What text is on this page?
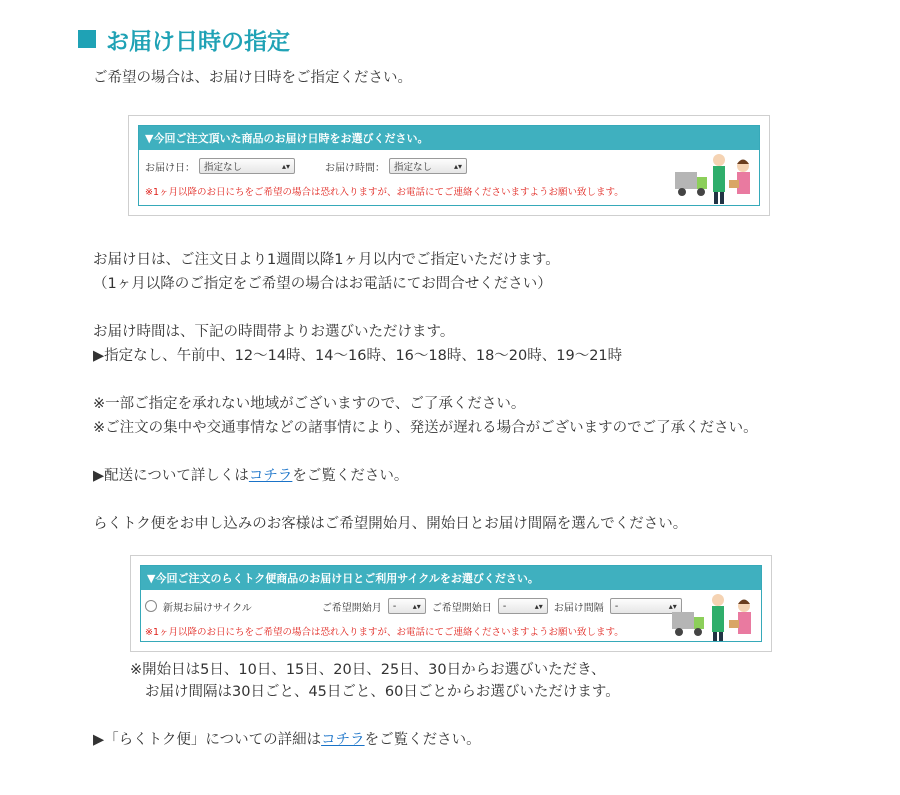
お届け日時の指定
ご希望の場合は、お届け日時をご指定ください。
▼今回ご注文頂いた商品のお届け日時をお選びください。
お届け日： 指定なし	▴▾	お届け時間： 指定なし	▴▾
※1ヶ月以降のお日にちをご希望の場合は恐れ入りますが、お電話にてご連絡くださいますようお願い致します。
お届け日は、ご注文日より1週間以降1ヶ月以内でご指定いただけます。
（1ヶ月以降のご指定をご希望の場合はお電話にてお問合せください）
お届け時間は、下記の時間帯よりお選びいただけます。
▶指定なし、午前中、12～14時、14～16時、16～18時、18～20時、19～21時
※一部ご指定を承れない地域がございますので、ご了承ください。
※ご注文の集中や交通事情などの諸事情により、発送が遅れる場合がございますのでご了承ください。
▶配送について詳しくはコチラをご覧ください。
らくトク便をお申し込みのお客様はご希望開始月、開始日とお届け間隔を選んでください。
▼今回ご注文のらくトク便商品のお届け日とご利用サイクルをお選びください。
新規お届けサイクル	ご希望開始月 - ▴▾ ご希望開始日 -	▴▾ お届け間隔 -	▴▾
※1ヶ月以降のお日にちをご希望の場合は恐れ入りますが、お電話にてご連絡くださいますようお願い致します。
※開始日は5日、10日、15日、20日、25日、30日からお選びいただき、
お届け間隔は30日ごと、45日ごと、60日ごとからお選びいただけます。
▶「らくトク便」についての詳細はコチラをご覧ください。
